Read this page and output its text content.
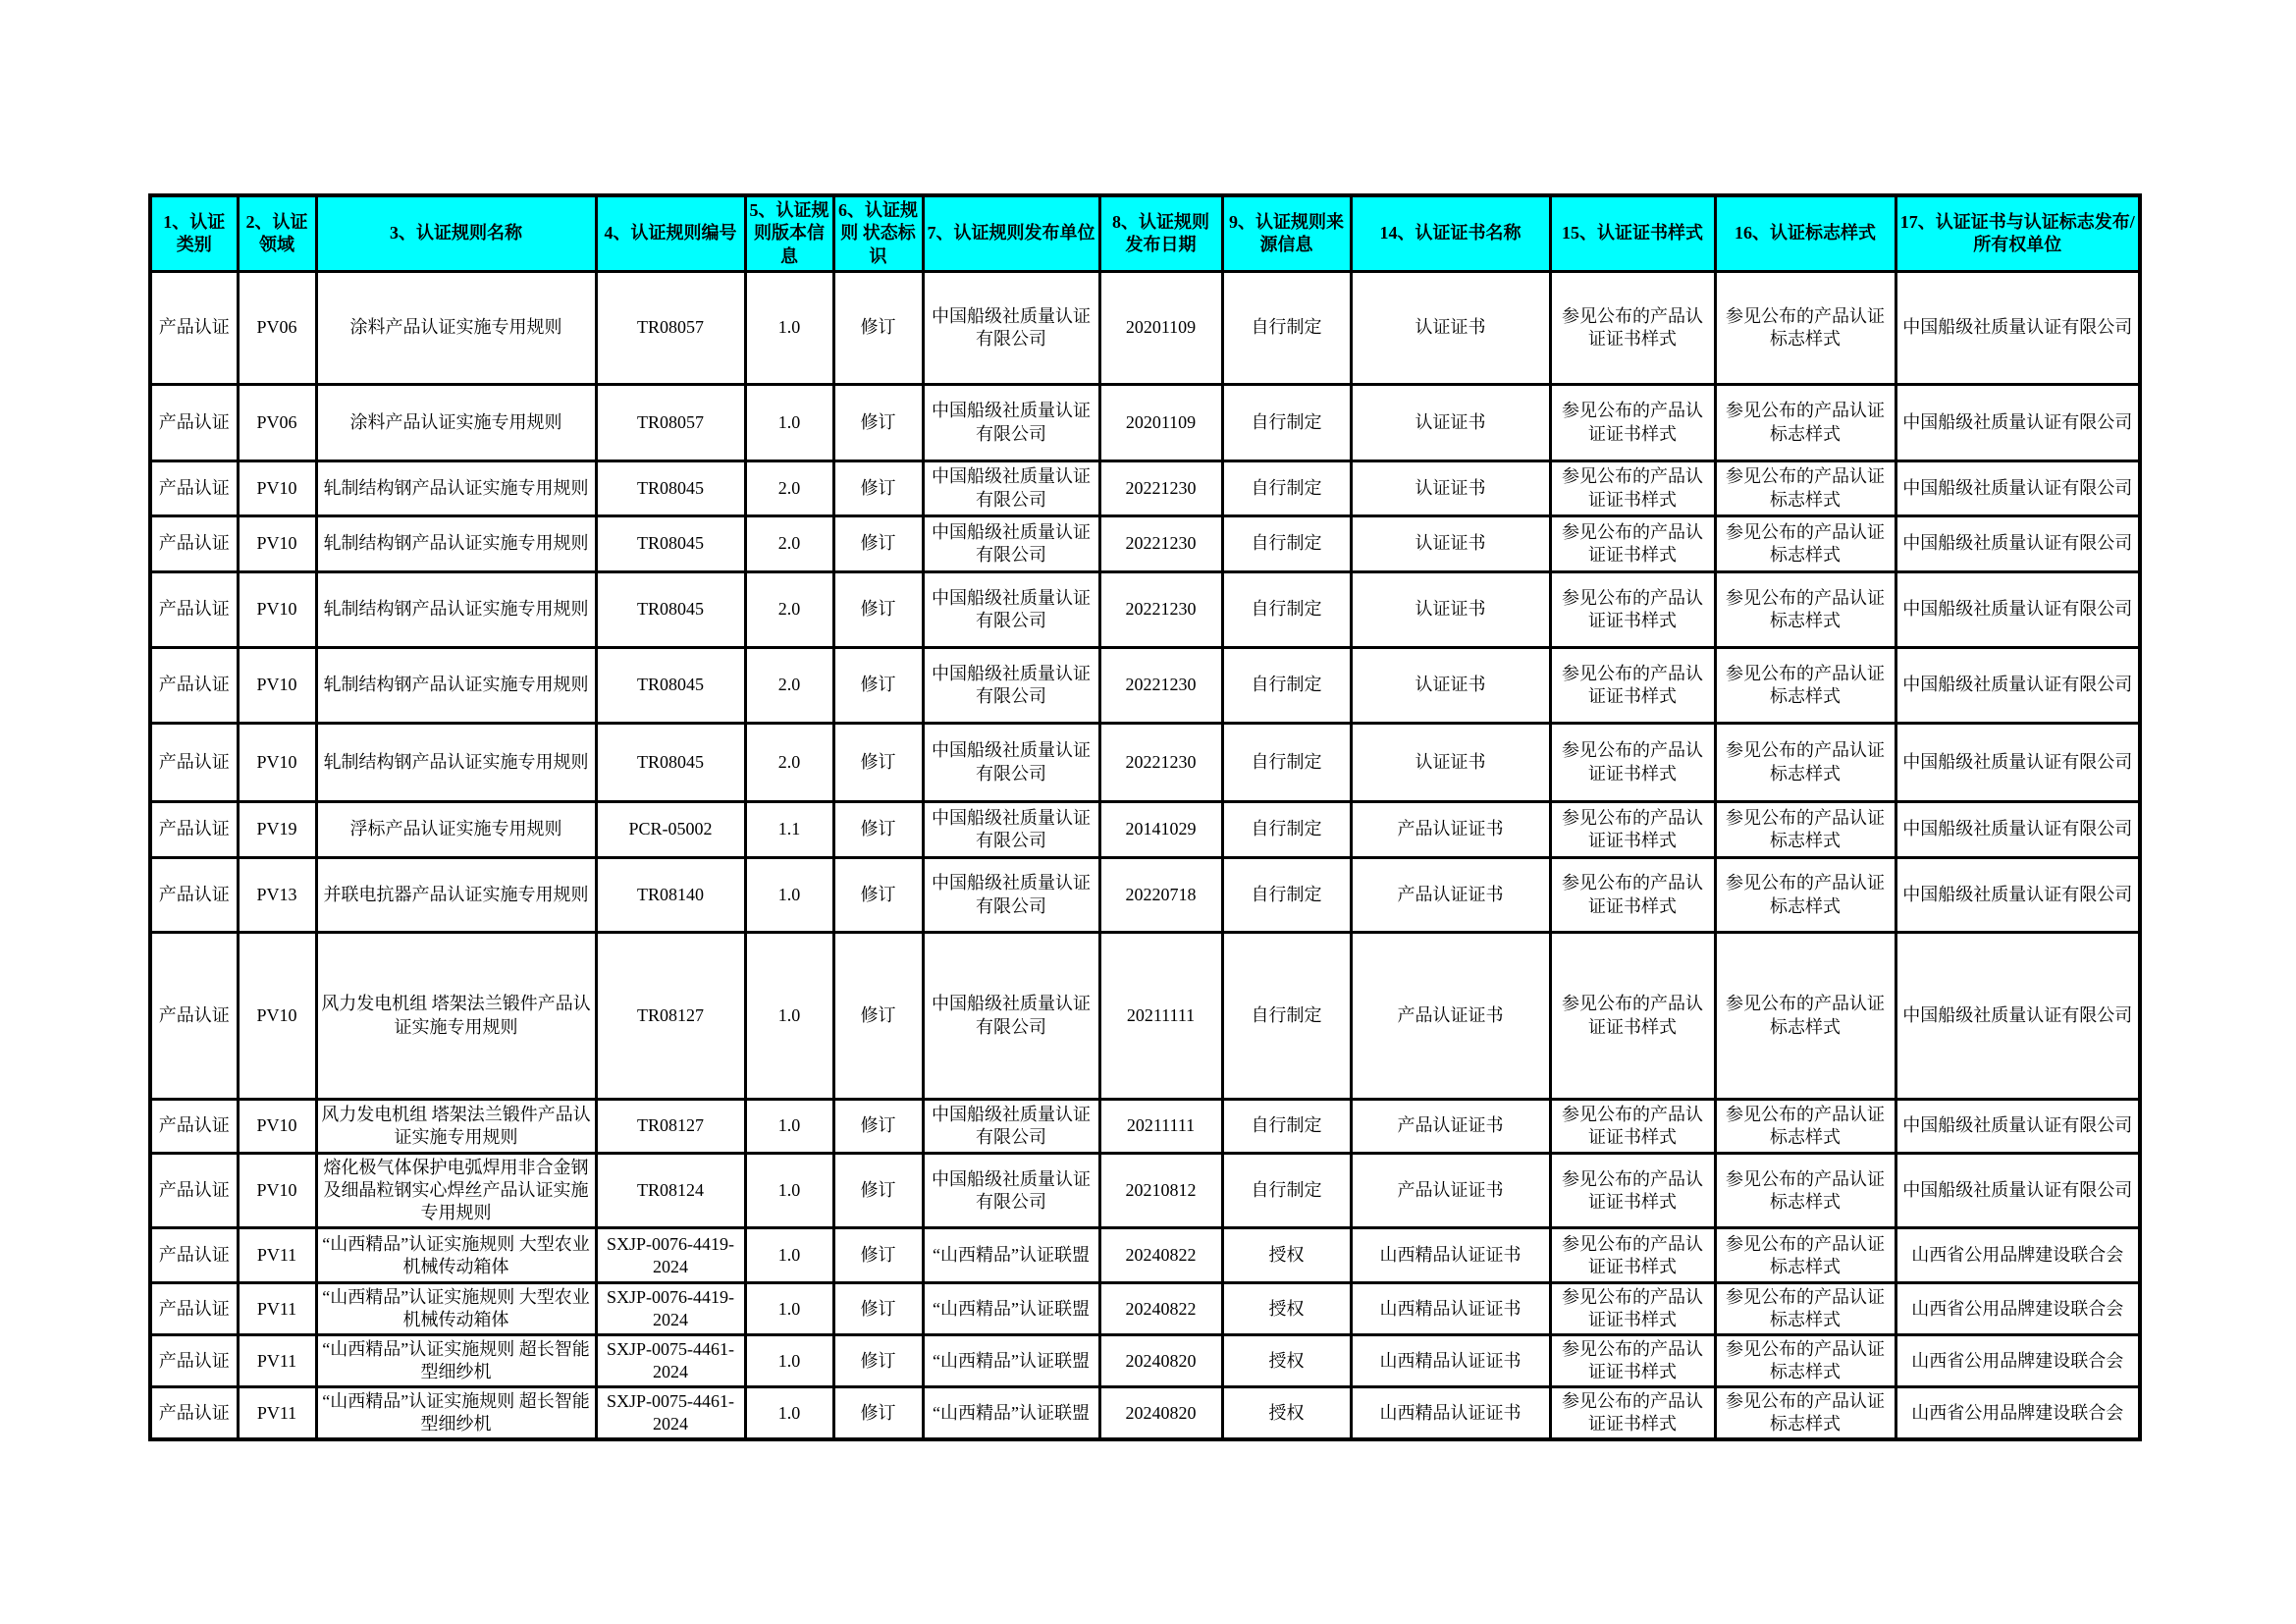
1、认证类别	2、认证领域	3、认证规则名称	4、认证规则编号	5、认证规则版本信息	6、认证规则 状态标识	7、认证规则发布单位	8、认证规则发布日期	9、认证规则来源信息	14、认证证书名称	15、认证证书样式	16、认证标志样式	17、认证证书与认证标志发布/所有权单位
产品认证	PV06	涂料产品认证实施专用规则	TR08057	1.0	修订	中国船级社质量认证有限公司	20201109	自行制定	认证证书	参见公布的产品认证证书样式	参见公布的产品认证标志样式	中国船级社质量认证有限公司
产品认证	PV06	涂料产品认证实施专用规则	TR08057	1.0	修订	中国船级社质量认证有限公司	20201109	自行制定	认证证书	参见公布的产品认证证书样式	参见公布的产品认证标志样式	中国船级社质量认证有限公司
产品认证	PV10	轧制结构钢产品认证实施专用规则	TR08045	2.0	修订	中国船级社质量认证有限公司	20221230	自行制定	认证证书	参见公布的产品认证证书样式	参见公布的产品认证标志样式	中国船级社质量认证有限公司
产品认证	PV10	轧制结构钢产品认证实施专用规则	TR08045	2.0	修订	中国船级社质量认证有限公司	20221230	自行制定	认证证书	参见公布的产品认证证书样式	参见公布的产品认证标志样式	中国船级社质量认证有限公司
产品认证	PV10	轧制结构钢产品认证实施专用规则	TR08045	2.0	修订	中国船级社质量认证有限公司	20221230	自行制定	认证证书	参见公布的产品认证证书样式	参见公布的产品认证标志样式	中国船级社质量认证有限公司
产品认证	PV10	轧制结构钢产品认证实施专用规则	TR08045	2.0	修订	中国船级社质量认证有限公司	20221230	自行制定	认证证书	参见公布的产品认证证书样式	参见公布的产品认证标志样式	中国船级社质量认证有限公司
产品认证	PV10	轧制结构钢产品认证实施专用规则	TR08045	2.0	修订	中国船级社质量认证有限公司	20221230	自行制定	认证证书	参见公布的产品认证证书样式	参见公布的产品认证标志样式	中国船级社质量认证有限公司
产品认证	PV19	浮标产品认证实施专用规则	PCR-05002	1.1	修订	中国船级社质量认证有限公司	20141029	自行制定	产品认证证书	参见公布的产品认证证书样式	参见公布的产品认证标志样式	中国船级社质量认证有限公司
产品认证	PV13	并联电抗器产品认证实施专用规则	TR08140	1.0	修订	中国船级社质量认证有限公司	20220718	自行制定	产品认证证书	参见公布的产品认证证书样式	参见公布的产品认证标志样式	中国船级社质量认证有限公司
产品认证	PV10	风力发电机组 塔架法兰锻件产品认证实施专用规则	TR08127	1.0	修订	中国船级社质量认证有限公司	20211111	自行制定	产品认证证书	参见公布的产品认证证书样式	参见公布的产品认证标志样式	中国船级社质量认证有限公司
产品认证	PV10	风力发电机组 塔架法兰锻件产品认证实施专用规则	TR08127	1.0	修订	中国船级社质量认证有限公司	20211111	自行制定	产品认证证书	参见公布的产品认证证书样式	参见公布的产品认证标志样式	中国船级社质量认证有限公司
产品认证	PV10	熔化极气体保护电弧焊用非合金钢及细晶粒钢实心焊丝产品认证实施专用规则	TR08124	1.0	修订	中国船级社质量认证有限公司	20210812	自行制定	产品认证证书	参见公布的产品认证证书样式	参见公布的产品认证标志样式	中国船级社质量认证有限公司
产品认证	PV11	“山西精品”认证实施规则 大型农业机械传动箱体	SXJP-0076-4419-2024	1.0	修订	“山西精品”认证联盟	20240822	授权	山西精品认证证书	参见公布的产品认证证书样式	参见公布的产品认证标志样式	山西省公用品牌建设联合会
产品认证	PV11	“山西精品”认证实施规则 大型农业机械传动箱体	SXJP-0076-4419-2024	1.0	修订	“山西精品”认证联盟	20240822	授权	山西精品认证证书	参见公布的产品认证证书样式	参见公布的产品认证标志样式	山西省公用品牌建设联合会
产品认证	PV11	“山西精品”认证实施规则 超长智能型细纱机	SXJP-0075-4461-2024	1.0	修订	“山西精品”认证联盟	20240820	授权	山西精品认证证书	参见公布的产品认证证书样式	参见公布的产品认证标志样式	山西省公用品牌建设联合会
产品认证	PV11	“山西精品”认证实施规则 超长智能型细纱机	SXJP-0075-4461-2024	1.0	修订	“山西精品”认证联盟	20240820	授权	山西精品认证证书	参见公布的产品认证证书样式	参见公布的产品认证标志样式	山西省公用品牌建设联合会
